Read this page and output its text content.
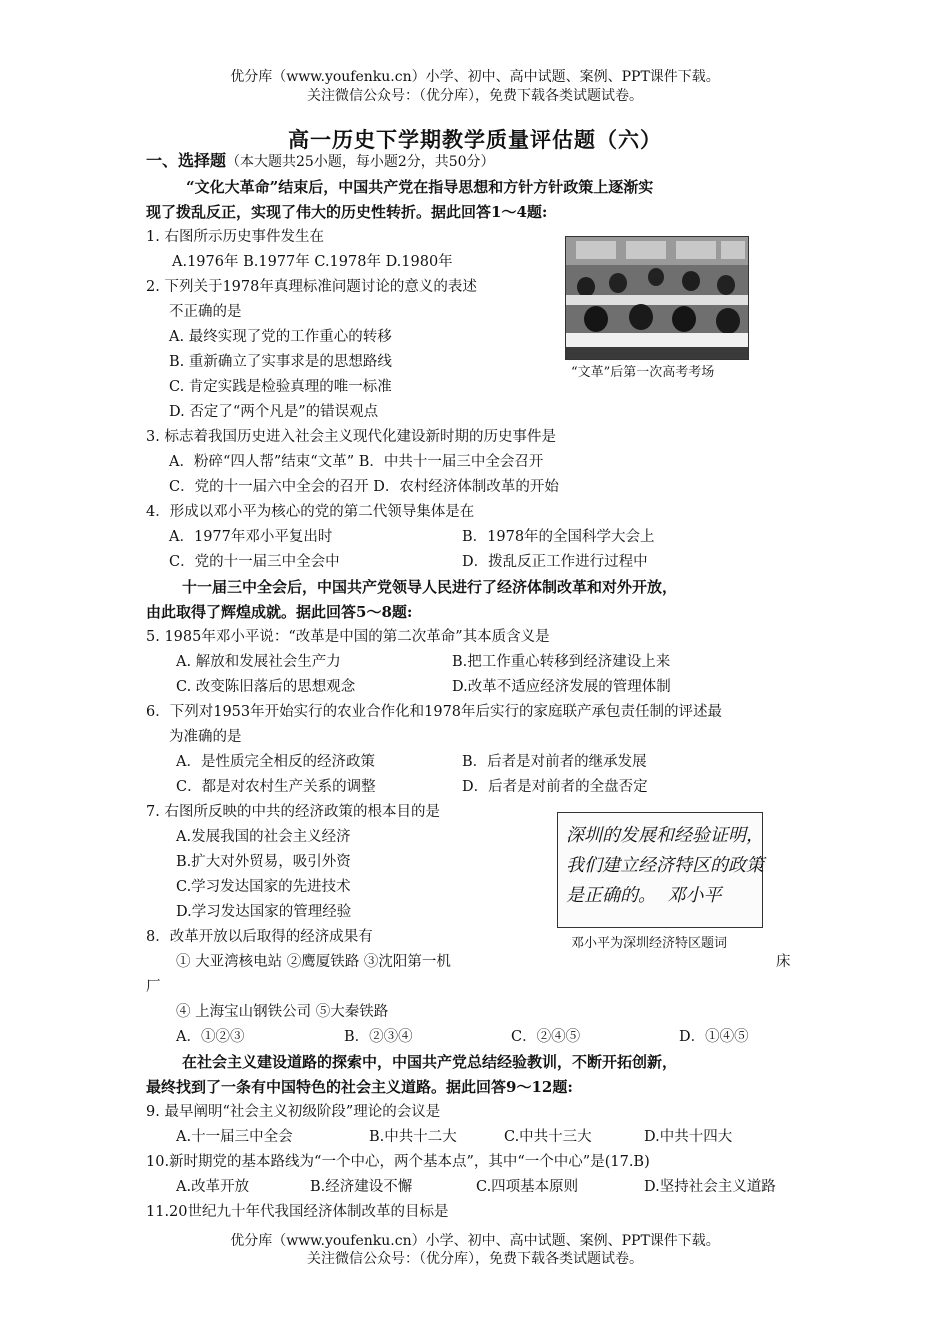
优分库（www.youfenku.cn）小学、初中、高中试题、案例、PPT课件下载。
关注微信公众号：（优分库），免费下载各类试题试卷。
高一历史下学期教学质量评估题（六）
一、选择题（本大题共25小题，每小题2分，共50分）
“文化大革命”结束后，中国共产党在指导思想和方针方针政策上逐渐实
现了拨乱反正，实现了伟大的历史性转折。据此回答1～4题:
1. 右图所示历史事件发生在
A.1976年 B.1977年 C.1978年 D.1980年
“文革”后第一次高考考场
2. 下列关于1978年真理标准问题讨论的意义的表述
不正确的是
A. 最终实现了党的工作重心的转移
B. 重新确立了实事求是的思想路线
C. 肯定实践是检验真理的唯一标准
D. 否定了“两个凡是”的错误观点
3. 标志着我国历史进入社会主义现代化建设新时期的历史事件是
A．粉碎“四人帮”结束“文革” B．中共十一届三中全会召开
C．党的十一届六中全会的召开 D．农村经济体制改革的开始
4．形成以邓小平为核心的党的第二代领导集体是在
A．1977年邓小平复出时	B．1978年的全国科学大会上
C．党的十一届三中全会中	D．拨乱反正工作进行过程中
十一届三中全会后，中国共产党领导人民进行了经济体制改革和对外开放，
由此取得了辉煌成就。据此回答5～8题:
5. 1985年邓小平说：“改革是中国的第二次革命”其本质含义是
A. 解放和发展社会生产力	B.把工作重心转移到经济建设上来
C. 改变陈旧落后的思想观念	D.改革不适应经济发展的管理体制
6．下列对1953年开始实行的农业合作化和1978年后实行的家庭联产承包责任制的评述最
为准确的是
A．是性质完全相反的经济政策	B．后者是对前者的继承发展
C．都是对农村生产关系的调整	D．后者是对前者的全盘否定
7. 右图所反映的中共的经济政策的根本目的是
A.发展我国的社会主义经济
B.扩大对外贸易，吸引外资
C.学习发达国家的先进技术
D.学习发达国家的管理经验
深圳的发展和经验证明，
我们建立经济特区的政策
是正确的。 邓小平
邓小平为深圳经济特区题词
8．改革开放以后取得的经济成果有
① 大亚湾核电站 ②鹰厦铁路 ③沈阳第一机	床
厂
④ 上海宝山钢铁公司 ⑤大秦铁路
A．①②③	B．②③④	C．②④⑤	D．①④⑤
在社会主义建设道路的探索中，中国共产党总结经验教训，不断开拓创新，
最终找到了一条有中国特色的社会主义道路。据此回答9～12题:
9. 最早阐明“社会主义初级阶段”理论的会议是
A.十一届三中全会	B.中共十二大	C.中共十三大	D.中共十四大
10.新时期党的基本路线为“一个中心，两个基本点”，其中“一个中心”是(17.B)
A.改革开放	B.经济建设不懈	C.四项基本原则	D.坚持社会主义道路
11.20世纪九十年代我国经济体制改革的目标是
优分库（www.youfenku.cn）小学、初中、高中试题、案例、PPT课件下载。
关注微信公众号：（优分库），免费下载各类试题试卷。
